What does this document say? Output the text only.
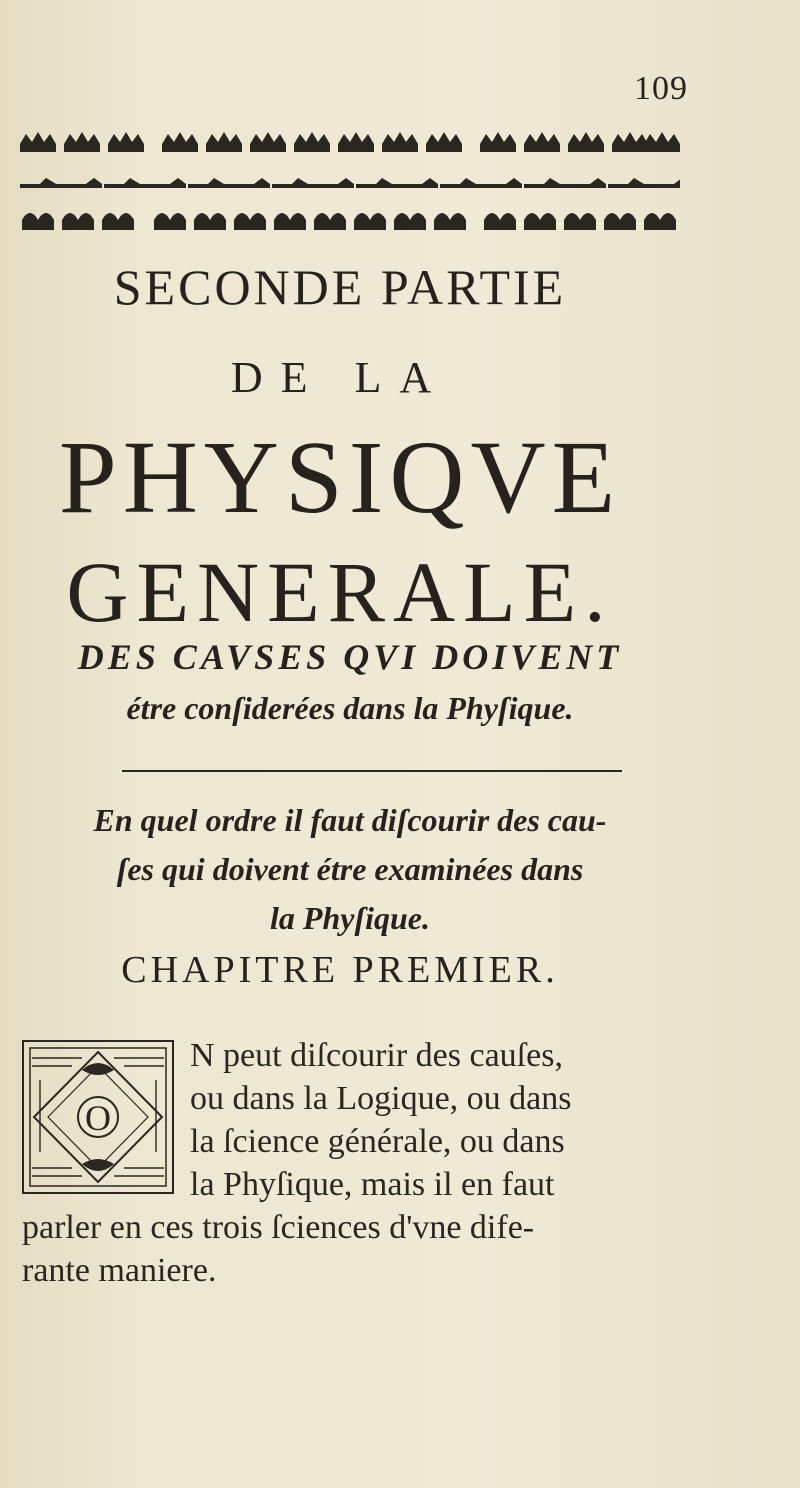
109
SECONDE PARTIE
DE LA
PHYSIQVE
GENERALE.
DES CAVSES QVI DOIVENT
étre conſiderées dans la Phyſique.
En quel ordre il faut diſcourir des cau-
ſes qui doivent étre examinées dans
la Phyſique.
CHAPITRE PREMIER.
O
N peut diſcourir des cauſes,
ou dans la Logique, ou dans
la ſcience générale, ou dans
la Phyſique, mais il en faut
parler en ces trois ſciences d'vne dife-
rante maniere.
